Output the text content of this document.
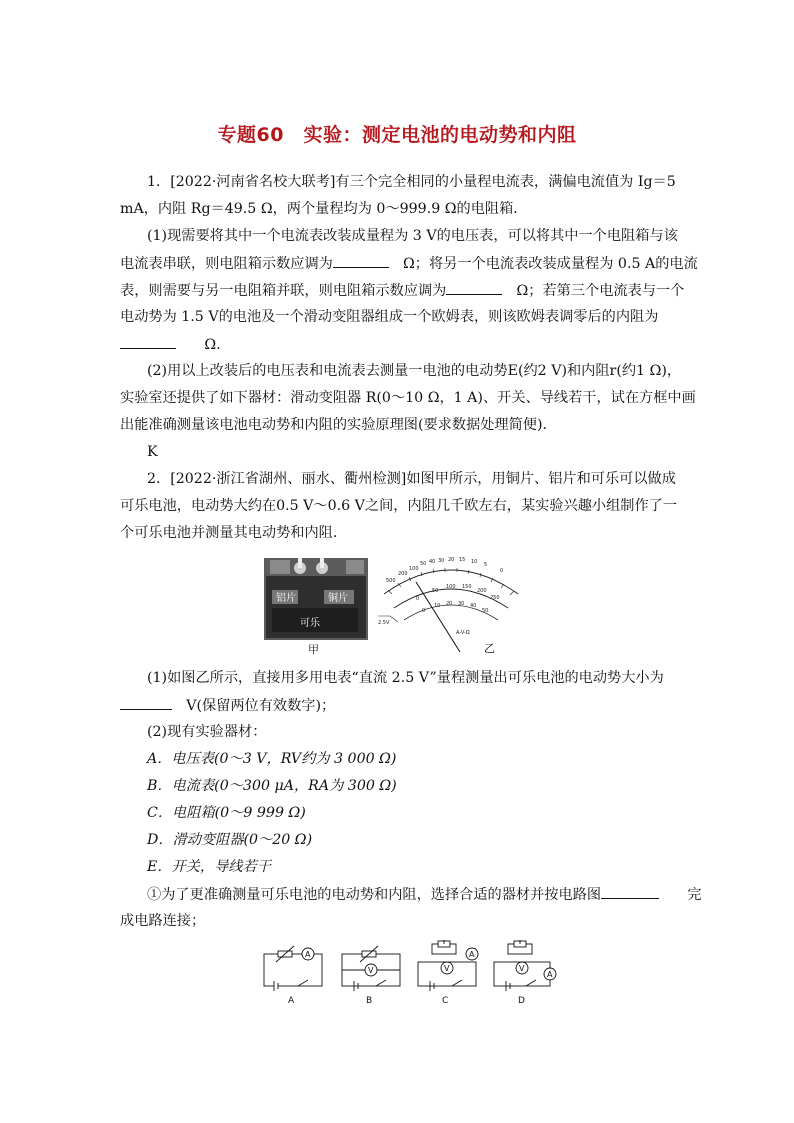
专题60　实验：测定电池的电动势和内阻
1．[2022·河南省名校大联考]有三个完全相同的小量程电流表，满偏电流值为 Ig＝5
mA，内阻 Rg＝49.5 Ω，两个量程均为 0～999.9 Ω的电阻箱．
(1)现需要将其中一个电流表改装成量程为 3 V的电压表，可以将其中一个电阻箱与该
电流表串联，则电阻箱示数应调为　	Ω；将另一个电流表改装成量程为 0.5 A的电流
表，则需要与另一电阻箱并联，则电阻箱示数应调为　	Ω；若第三个电流表与一个
电动势为 1.5 V的电池及一个滑动变阻器组成一个欧姆表，则该欧姆表调零后的内阻为
　　Ω.
(2)用以上改装后的电压表和电流表去测量一电池的电动势E(约2 V)和内阻r(约1 Ω)，
实验室还提供了如下器材：滑动变阻器 R(0～10 Ω，1 A)、开关、导线若干，试在方框中画
出能准确测量该电池电动势和内阻的实验原理图(要求数据处理简便)．
K
2．[2022·浙江省湖州、丽水、衢州检测]如图甲所示，用铜片、铝片和可乐可以做成
可乐电池，电动势大约在0.5 V～0.6 V之间，内阻几千欧左右，某实验兴趣小组制作了一
个可乐电池并测量其电动势和内阻．
铝片	铜片
可乐
甲
500
200
100
50 40 30 20 15 10 5
0
0
50
100 150
200
250
0
10 20 30 40
50
2.5V
A-V-Ω
乙
(1)如图乙所示，直接用多用电表“直流 2.5 V”量程测量出可乐电池的电动势大小为
　V(保留两位有效数字)；
(2)现有实验器材：
A．电压表(0～3 V，RV约为 3 000 Ω)
B．电流表(0～300 μA，RA为 300 Ω)
C．电阻箱(0～9 999 Ω)
D．滑动变阻器(0～20 Ω)
E．开关，导线若干
①为了更准确测量可乐电池的电动势和内阻，选择合适的器材并按电路图　　	完
成电路连接；
A
A
V
B
V
A
C
V
A
D
